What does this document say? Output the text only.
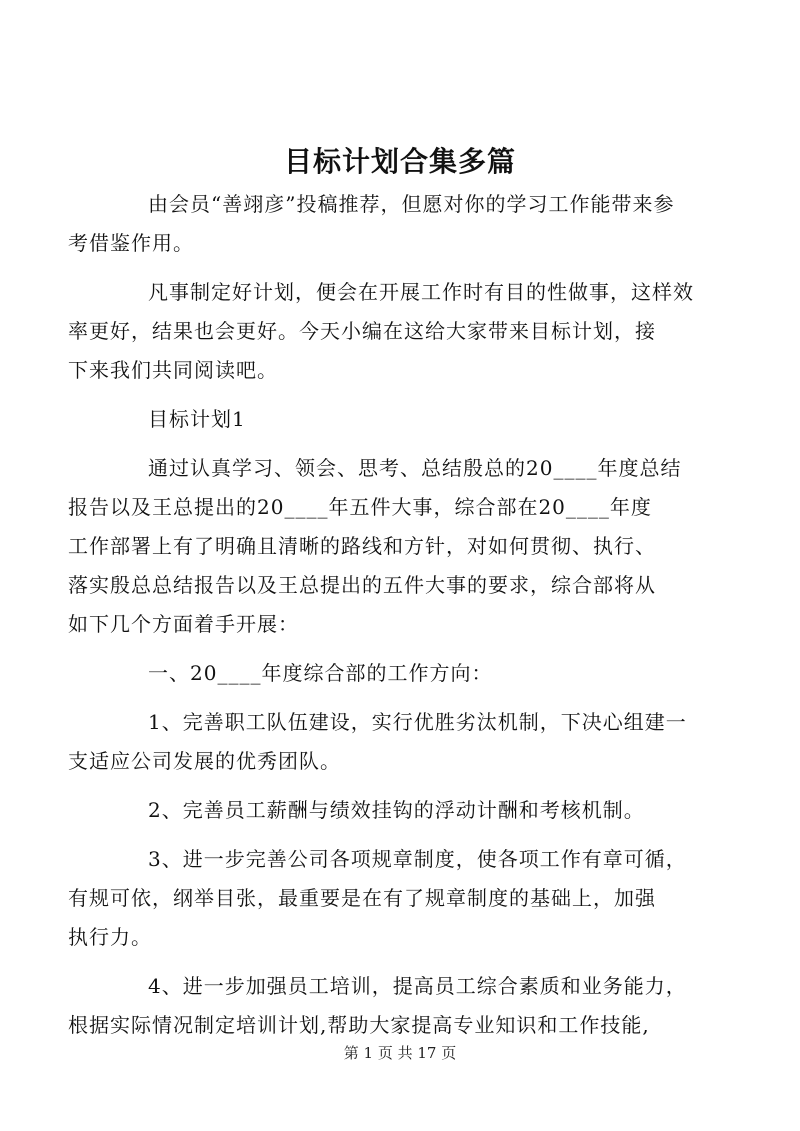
目标计划合集多篇

由会员“善翊彦”投稿推荐，但愿对你的学习工作能带来参
考借鉴作用。

凡事制定好计划，便会在开展工作时有目的性做事，这样效
率更好，结果也会更好。今天小编在这给大家带来目标计划，接
下来我们共同阅读吧。

目标计划1

通过认真学习、领会、思考、总结殷总的20____年度总结
报告以及王总提出的20____年五件大事，综合部在20____年度
工作部署上有了明确且清晰的路线和方针，对如何贯彻、执行、
落实殷总总结报告以及王总提出的五件大事的要求，综合部将从
如下几个方面着手开展：

一、20____年度综合部的工作方向：

1、完善职工队伍建设，实行优胜劣汰机制，下决心组建一
支适应公司发展的优秀团队。

2、完善员工薪酬与绩效挂钩的浮动计酬和考核机制。

3、进一步完善公司各项规章制度，使各项工作有章可循，
有规可依，纲举目张，最重要是在有了规章制度的基础上，加强
执行力。

4、进一步加强员工培训，提高员工综合素质和业务能力，
根据实际情况制定培训计划,帮助大家提高专业知识和工作技能,

第 1 页 共 17 页
